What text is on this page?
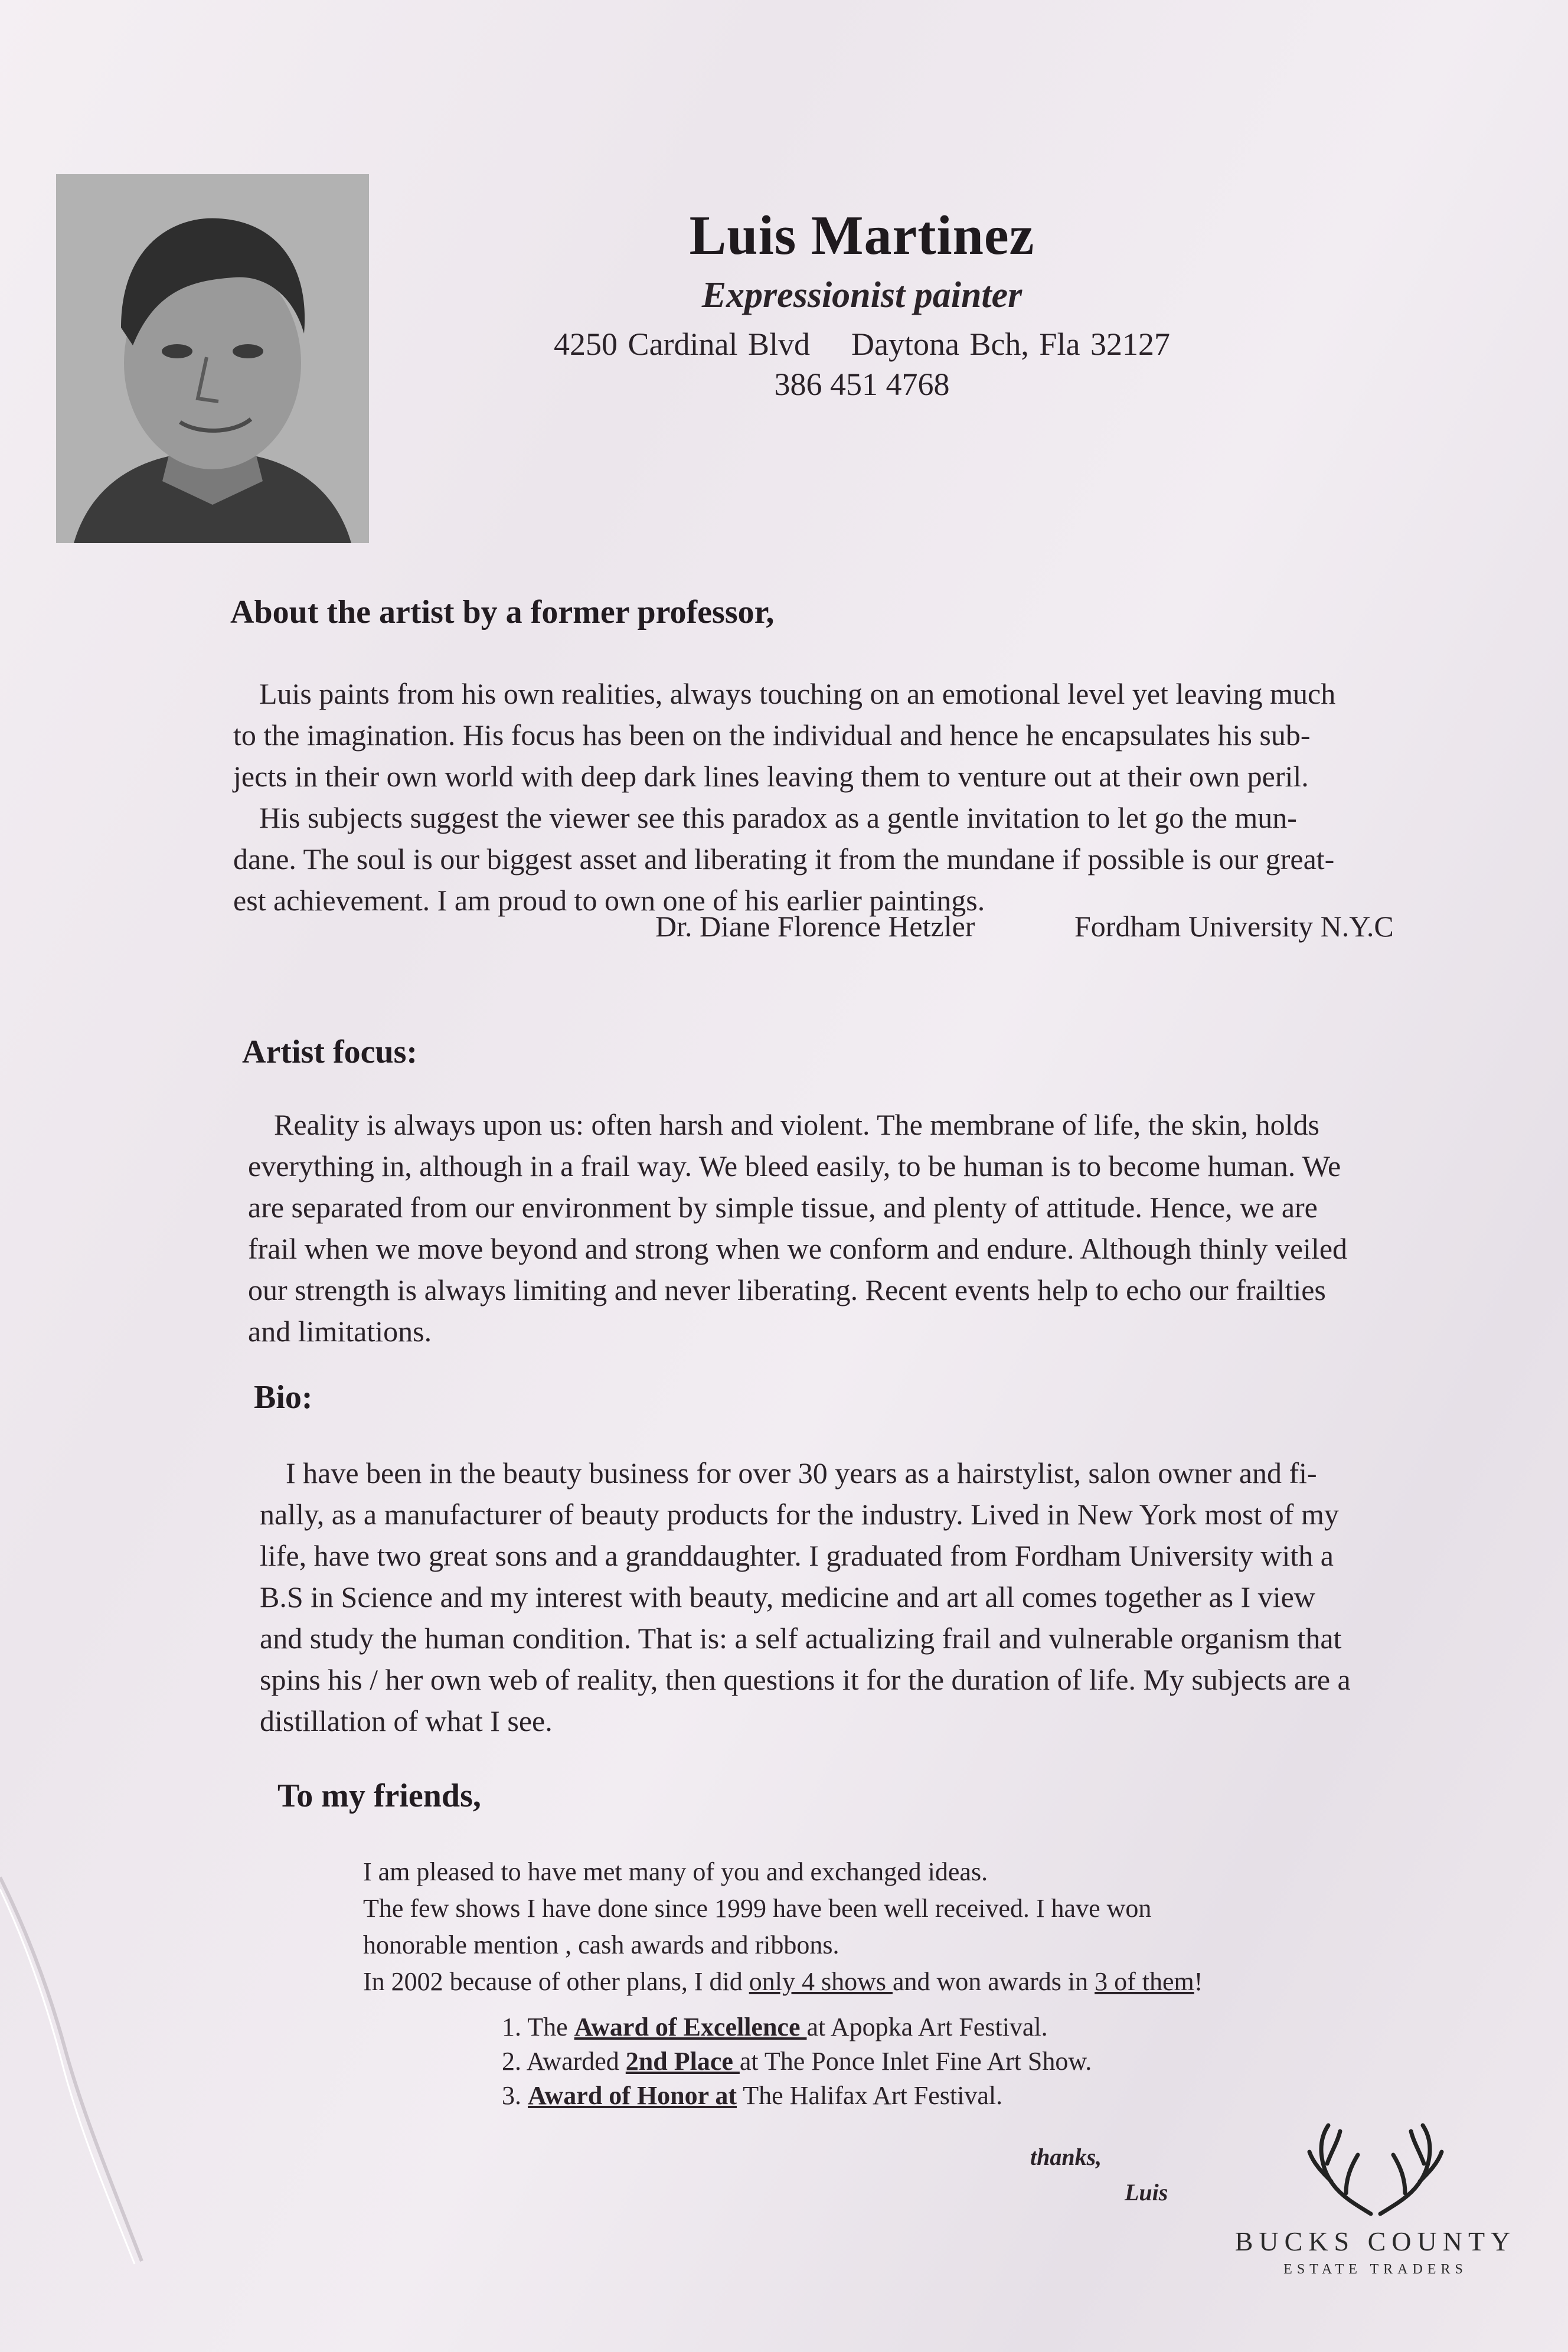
Luis Martinez
Expressionist painter
4250 Cardinal Blvd Daytona Bch, Fla 32127
386 451 4768
About the artist by a former professor,

Luis paints from his own realities, always touching on an emotional level yet leaving much

to the imagination. His focus has been on the individual and hence he encapsulates his sub-

jects in their own world with deep dark lines leaving them to venture out at their own peril.

His subjects suggest the viewer see this paradox as a gentle invitation to let go the mun-

dane. The soul is our biggest asset and liberating it from the mundane if possible is our great-

est achievement. I am proud to own one of his earlier paintings.

Dr. Diane Florence Hetzler	Fordham University N.Y.C
Artist focus:

Reality is always upon us: often harsh and violent. The membrane of life, the skin, holds

everything in, although in a frail way. We bleed easily, to be human is to become human. We

are separated from our environment by simple tissue, and plenty of attitude. Hence, we are

frail when we move beyond and strong when we conform and endure. Although thinly veiled

our strength is always limiting and never liberating. Recent events help to echo our frailties

and limitations.

Bio:

I have been in the beauty business for over 30 years as a hairstylist, salon owner and fi-

nally, as a manufacturer of beauty products for the industry. Lived in New York most of my

life, have two great sons and a granddaughter. I graduated from Fordham University with a

B.S in Science and my interest with beauty, medicine and art all comes together as I view

and study the human condition. That is: a self actualizing frail and vulnerable organism that

spins his / her own web of reality, then questions it for the duration of life. My subjects are a

distillation of what I see.

To my friends,

I am pleased to have met many of you and exchanged ideas.

The few shows I have done since 1999 have been well received. I have won

honorable mention , cash awards and ribbons.

In 2002 because of other plans, I did only 4 shows and won awards in 3 of them!

1. The Award of Excellence at Apopka Art Festival.
2. Awarded 2nd Place at The Ponce Inlet Fine Art Show.
3. Award of Honor at The Halifax Art Festival.
thanks,
Luis
BUCKS COUNTY
ESTATE TRADERS
